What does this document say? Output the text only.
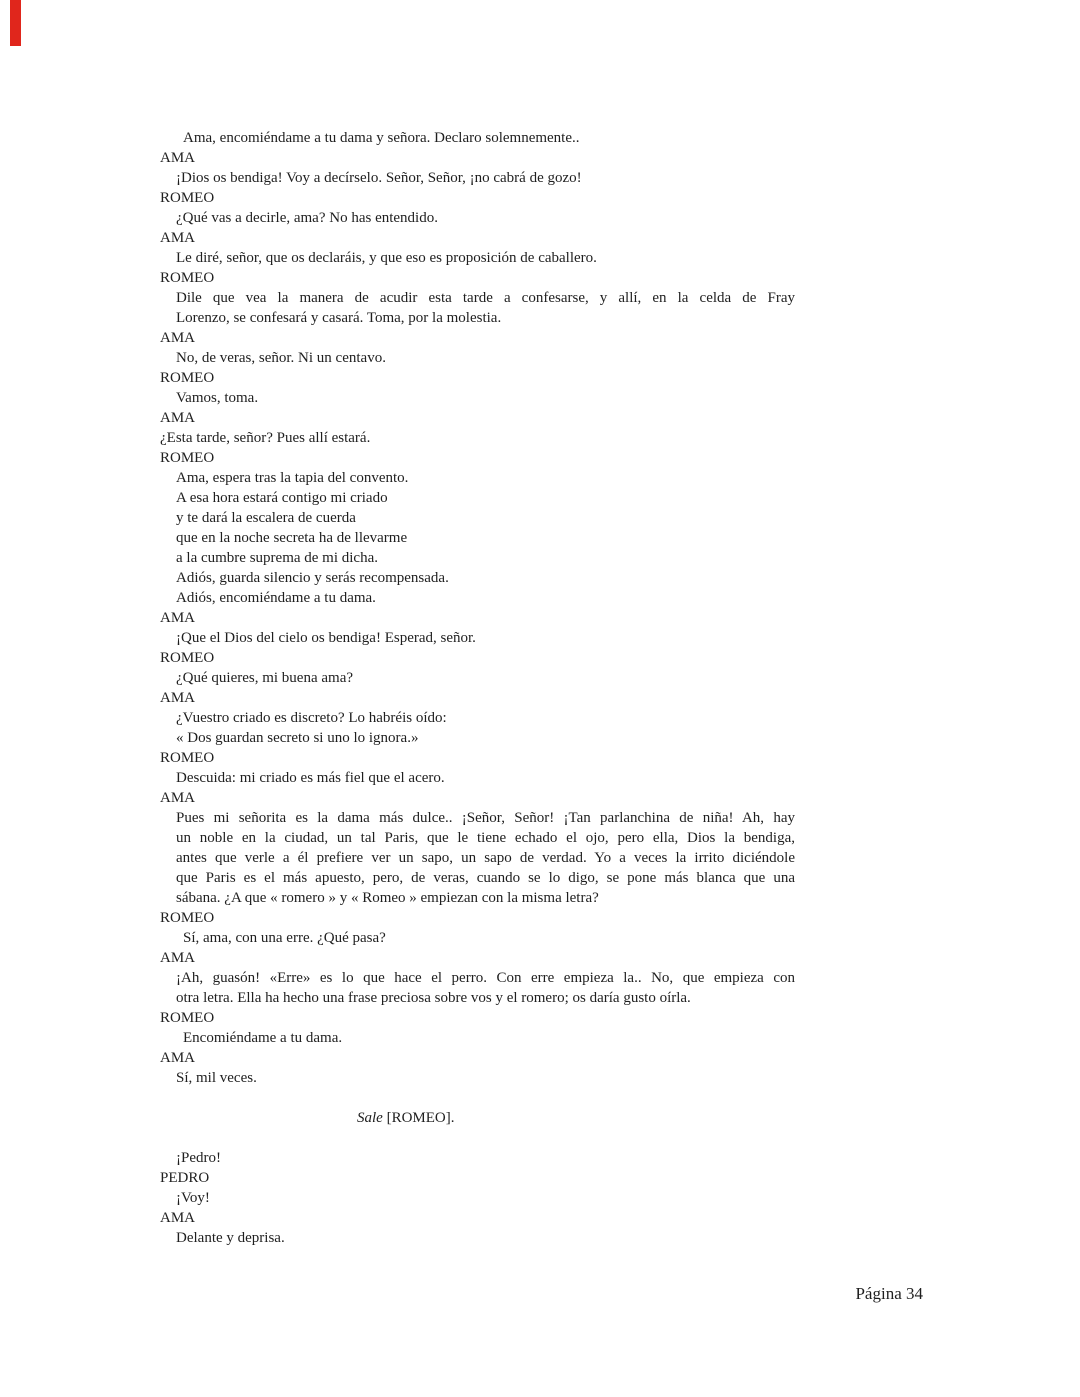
Ama, encomiéndame a tu dama y señora. Declaro solemnemente..
AMA
¡Dios os bendiga! Voy a decírselo. Señor, Señor, ¡no cabrá de gozo!
ROMEO
¿Qué vas a decirle, ama? No has entendido.
AMA
Le diré, señor, que os declaráis, y que eso es proposición de caballero.
ROMEO
Dile que vea la manera de acudir esta tarde a confesarse, y allí, en la celda de Fray
Lorenzo, se confesará y casará. Toma, por la molestia.
AMA
No, de veras, señor. Ni un centavo.
ROMEO
Vamos, toma.
AMA
¿Esta tarde, señor? Pues allí estará.
ROMEO
Ama, espera tras la tapia del convento.
A esa hora estará contigo mi criado
y te dará la escalera de cuerda
que en la noche secreta ha de llevarme
a la cumbre suprema de mi dicha.
Adiós, guarda silencio y serás recompensada.
Adiós, encomiéndame a tu dama.
AMA
¡Que el Dios del cielo os bendiga! Esperad, señor.
ROMEO
¿Qué quieres, mi buena ama?
AMA
¿Vuestro criado es discreto? Lo habréis oído:
« Dos guardan secreto si uno lo ignora.»
ROMEO
Descuida: mi criado es más fiel que el acero.
AMA
Pues mi señorita es la dama más dulce.. ¡Señor, Señor! ¡Tan parlanchina de niña! Ah, hay
un noble en la ciudad, un tal Paris, que le tiene echado el ojo, pero ella, Dios la bendiga,
antes que verle a él prefiere ver un sapo, un sapo de verdad. Yo a veces la irrito diciéndole
que Paris es el más apuesto, pero, de veras, cuando se lo digo, se pone más blanca que una
sábana. ¿A que « romero » y « Romeo » empiezan con la misma letra?
ROMEO
Sí, ama, con una erre. ¿Qué pasa?
AMA
¡Ah, guasón! «Erre» es lo que hace el perro. Con erre empieza la.. No, que empieza con
otra letra. Ella ha hecho una frase preciosa sobre vos y el romero; os daría gusto oírla.
ROMEO
Encomiéndame a tu dama.
AMA
Sí, mil veces.
Sale [ROMEO].
¡Pedro!
PEDRO
¡Voy!
AMA
Delante y deprisa.
Página 34
